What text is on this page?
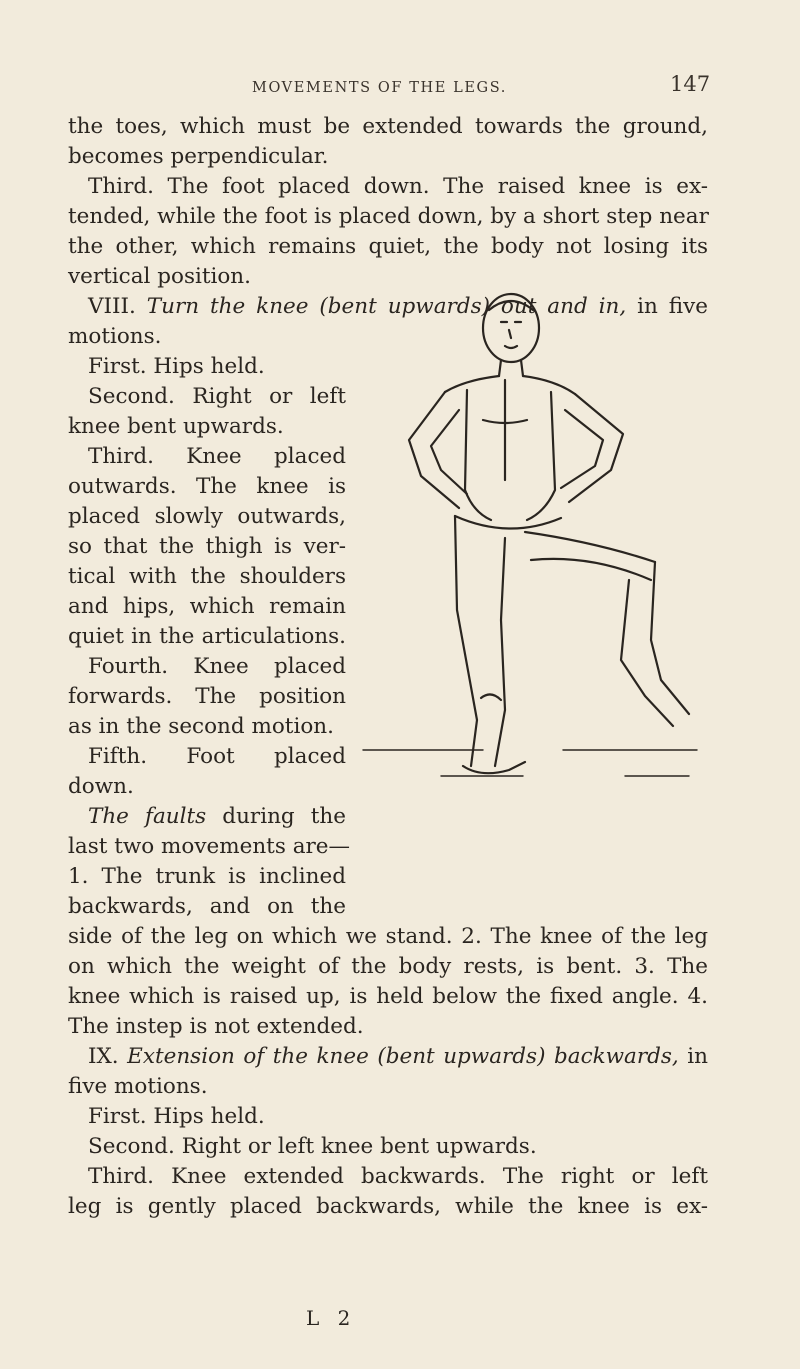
MOVEMENTS OF THE LEGS.	147
the toes, which must be extended towards the ground,
becomes perpendicular.
Third. The foot placed down. The raised knee is ex-
tended, while the foot is placed down, by a short step near
the other, which remains quiet, the body not losing its
vertical position.
VIII. Turn the knee (bent upwards) out and in, in five
motions.
First. Hips held.
Second. Right or left
knee bent upwards.
Third. Knee placed
outwards. The knee is
placed slowly outwards,
so that the thigh is ver-
tical with the shoulders
and hips, which remain
quiet in the articulations.
Fourth. Knee placed
forwards. The position
as in the second motion.
Fifth. Foot placed
down.
The faults during the
last two movements are—
1. The trunk is inclined
backwards, and on the
side of the leg on which we stand. 2. The knee of the leg
on which the weight of the body rests, is bent. 3. The
knee which is raised up, is held below the fixed angle. 4.
The instep is not extended.
IX. Extension of the knee (bent upwards) backwards, in
five motions.
First. Hips held.
Second. Right or left knee bent upwards.
Third. Knee extended backwards. The right or left
leg is gently placed backwards, while the knee is ex-
L 2
